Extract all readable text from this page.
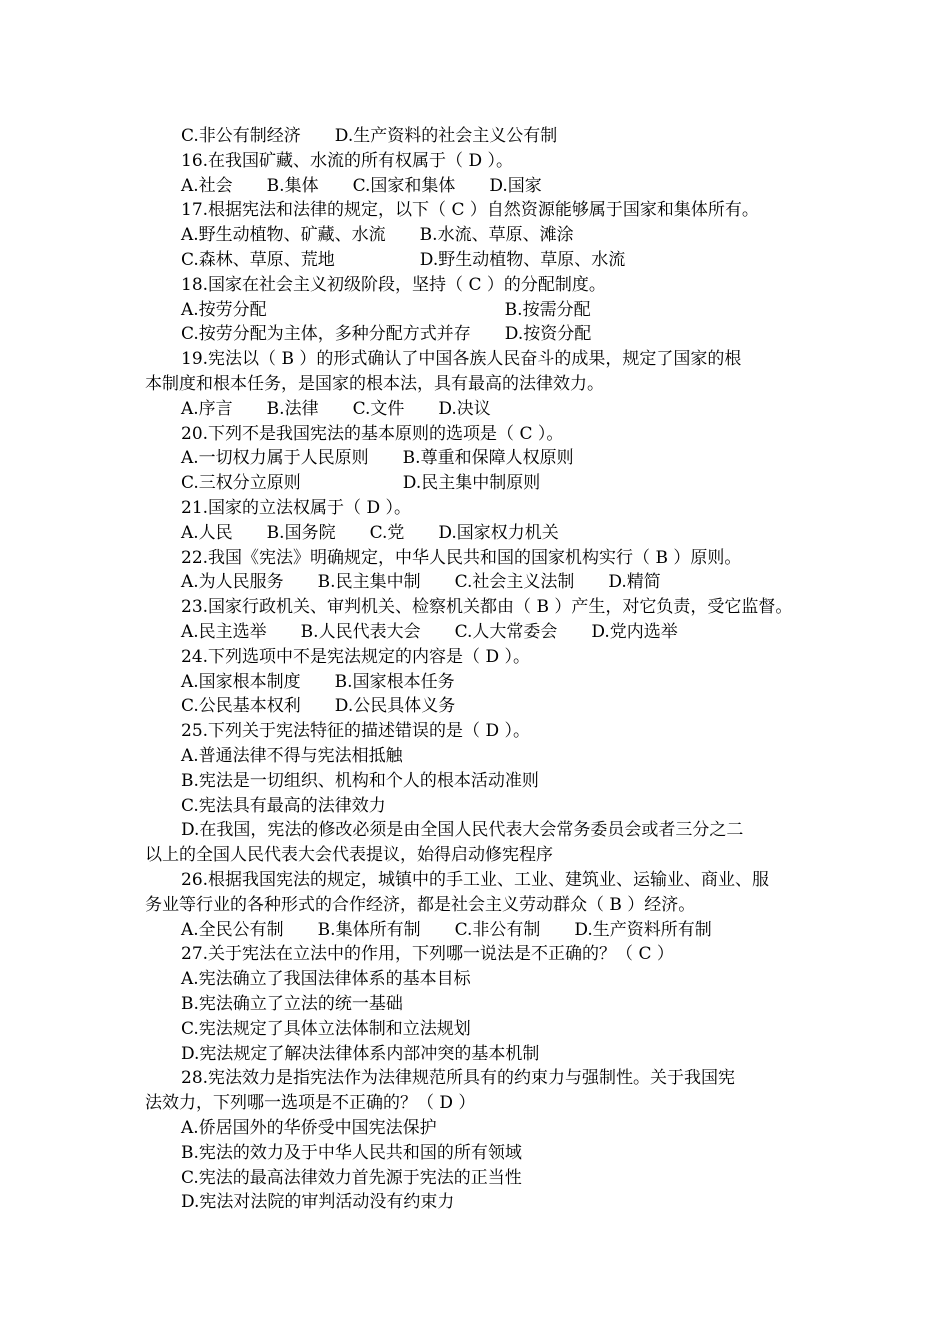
C.非公有制经济　　D.生产资料的社会主义公有制
16.在我国矿藏、水流的所有权属于（ D ）。
A.社会　　B.集体　　C.国家和集体　　D.国家
17.根据宪法和法律的规定，以下（ C ）自然资源能够属于国家和集体所有。
A.野生动植物、矿藏、水流　　B.水流、草原、滩涂
C.森林、草原、荒地　　　　　D.野生动植物、草原、水流
18.国家在社会主义初级阶段，坚持（ C ）的分配制度。
A.按劳分配　　　　　　　　　　　　　　B.按需分配
C.按劳分配为主体，多种分配方式并存　　D.按资分配
19.宪法以（ B ）的形式确认了中国各族人民奋斗的成果，规定了国家的根
本制度和根本任务，是国家的根本法，具有最高的法律效力。
A.序言　　B.法律　　C.文件　　D.决议
20.下列不是我国宪法的基本原则的选项是（ C ）。
A.一切权力属于人民原则　　B.尊重和保障人权原则
C.三权分立原则　　　　　　D.民主集中制原则
21.国家的立法权属于（ D ）。
A.人民　　B.国务院　　C.党　　D.国家权力机关
22.我国《宪法》明确规定，中华人民共和国的国家机构实行（ B ）原则。
A.为人民服务　　B.民主集中制　　C.社会主义法制　　D.精简
23.国家行政机关、审判机关、检察机关都由（ B ）产生，对它负责，受它监督。
A.民主选举　　B.人民代表大会　　C.人大常委会　　D.党内选举
24.下列选项中不是宪法规定的内容是（ D ）。
A.国家根本制度　　B.国家根本任务
C.公民基本权利　　D.公民具体义务
25.下列关于宪法特征的描述错误的是（ D ）。
A.普通法律不得与宪法相抵触
B.宪法是一切组织、机构和个人的根本活动准则
C.宪法具有最高的法律效力
D.在我国，宪法的修改必须是由全国人民代表大会常务委员会或者三分之二
以上的全国人民代表大会代表提议，始得启动修宪程序
26.根据我国宪法的规定，城镇中的手工业、工业、建筑业、运输业、商业、服
务业等行业的各种形式的合作经济，都是社会主义劳动群众（ B ）经济。
A.全民公有制　　B.集体所有制　　C.非公有制　　D.生产资料所有制
27.关于宪法在立法中的作用，下列哪一说法是不正确的？（ C ）
A.宪法确立了我国法律体系的基本目标
B.宪法确立了立法的统一基础
C.宪法规定了具体立法体制和立法规划
D.宪法规定了解决法律体系内部冲突的基本机制
28.宪法效力是指宪法作为法律规范所具有的约束力与强制性。关于我国宪
法效力，下列哪一选项是不正确的？（ D ）
A.侨居国外的华侨受中国宪法保护
B.宪法的效力及于中华人民共和国的所有领域
C.宪法的最高法律效力首先源于宪法的正当性
D.宪法对法院的审判活动没有约束力
